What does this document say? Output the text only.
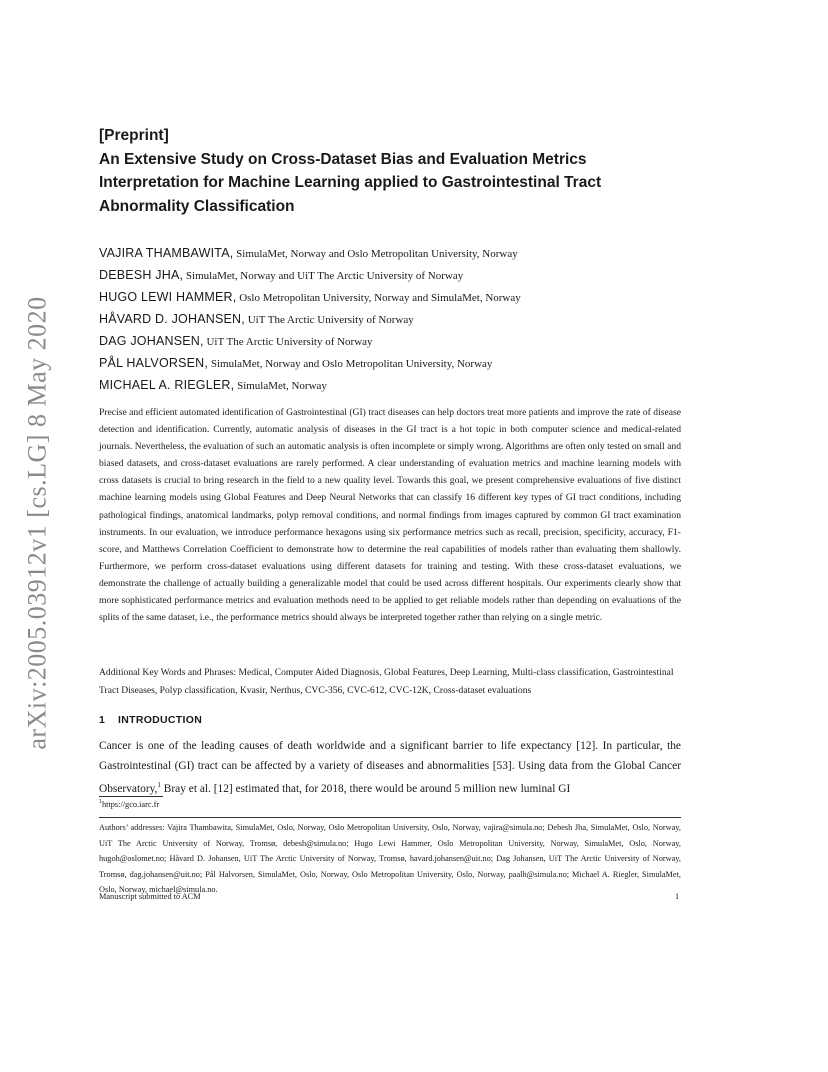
arXiv:2005.03912v1 [cs.LG] 8 May 2020
[Preprint]
An Extensive Study on Cross-Dataset Bias and Evaluation Metrics
Interpretation for Machine Learning applied to Gastrointestinal Tract
Abnormality Classification
VAJIRA THAMBAWITA, SimulaMet, Norway and Oslo Metropolitan University, Norway
DEBESH JHA, SimulaMet, Norway and UiT The Arctic University of Norway
HUGO LEWI HAMMER, Oslo Metropolitan University, Norway and SimulaMet, Norway
HÅVARD D. JOHANSEN, UiT The Arctic University of Norway
DAG JOHANSEN, UiT The Arctic University of Norway
PÅL HALVORSEN, SimulaMet, Norway and Oslo Metropolitan University, Norway
MICHAEL A. RIEGLER, SimulaMet, Norway

Precise and efficient automated identification of Gastrointestinal (GI) tract diseases can help doctors treat more patients and improve the rate of disease detection and identification. Currently, automatic analysis of diseases in the GI tract is a hot topic in both computer science and medical-related journals. Nevertheless, the evaluation of such an automatic analysis is often incomplete or simply wrong. Algorithms are often only tested on small and biased datasets, and cross-dataset evaluations are rarely performed. A clear understanding of evaluation metrics and machine learning models with cross datasets is crucial to bring research in the field to a new quality level. Towards this goal, we present comprehensive evaluations of five distinct machine learning models using Global Features and Deep Neural Networks that can classify 16 different key types of GI tract conditions, including pathological findings, anatomical landmarks, polyp removal conditions, and normal findings from images captured by common GI tract examination instruments. In our evaluation, we introduce performance hexagons using six performance metrics such as recall, precision, specificity, accuracy, F1-score, and Matthews Correlation Coefficient to demonstrate how to determine the real capabilities of models rather than evaluating them shallowly. Furthermore, we perform cross-dataset evaluations using different datasets for training and testing. With these cross-dataset evaluations, we demonstrate the challenge of actually building a generalizable model that could be used across different hospitals. Our experiments clearly show that more sophisticated performance metrics and evaluation methods need to be applied to get reliable models rather than depending on evaluations of the splits of the same dataset, i.e., the performance metrics should always be interpreted together rather than relying on a single metric.

Additional Key Words and Phrases: Medical, Computer Aided Diagnosis, Global Features, Deep Learning, Multi-class classification, Gastrointestinal Tract Diseases, Polyp classification, Kvasir, Nerthus, CVC-356, CVC-612, CVC-12K, Cross-dataset evaluations

1 INTRODUCTION

Cancer is one of the leading causes of death worldwide and a significant barrier to life expectancy [12]. In particular, the Gastrointestinal (GI) tract can be affected by a variety of diseases and abnormalities [53]. Using data from the Global Cancer Observatory,$^1$ Bray et al. [12] estimated that, for 2018, there would be around 5 million new luminal GI

$^1$https://gco.iarc.fr

Authors’ addresses: Vajira Thambawita, SimulaMet, Oslo, Norway, Oslo Metropolitan University, Oslo, Norway, vajira@simula.no; Debesh Jha, SimulaMet, Oslo, Norway, UiT The Arctic University of Norway, Tromsø, debesh@simula.no; Hugo Lewi Hammer, Oslo Metropolitan University, Norway, SimulaMet, Oslo, Norway, hugoh@oslomet.no; Håvard D. Johansen, UiT The Arctic University of Norway, Tromsø, havard.johansen@uit.no; Dag Johansen, UiT The Arctic University of Norway, Tromsø, dag.johansen@uit.no; Pål Halvorsen, SimulaMet, Oslo, Norway, Oslo Metropolitan University, Oslo, Norway, paalh@simula.no; Michael A. Riegler, SimulaMet, Oslo, Norway, michael@simula.no.

Manuscript submitted to ACM	1
